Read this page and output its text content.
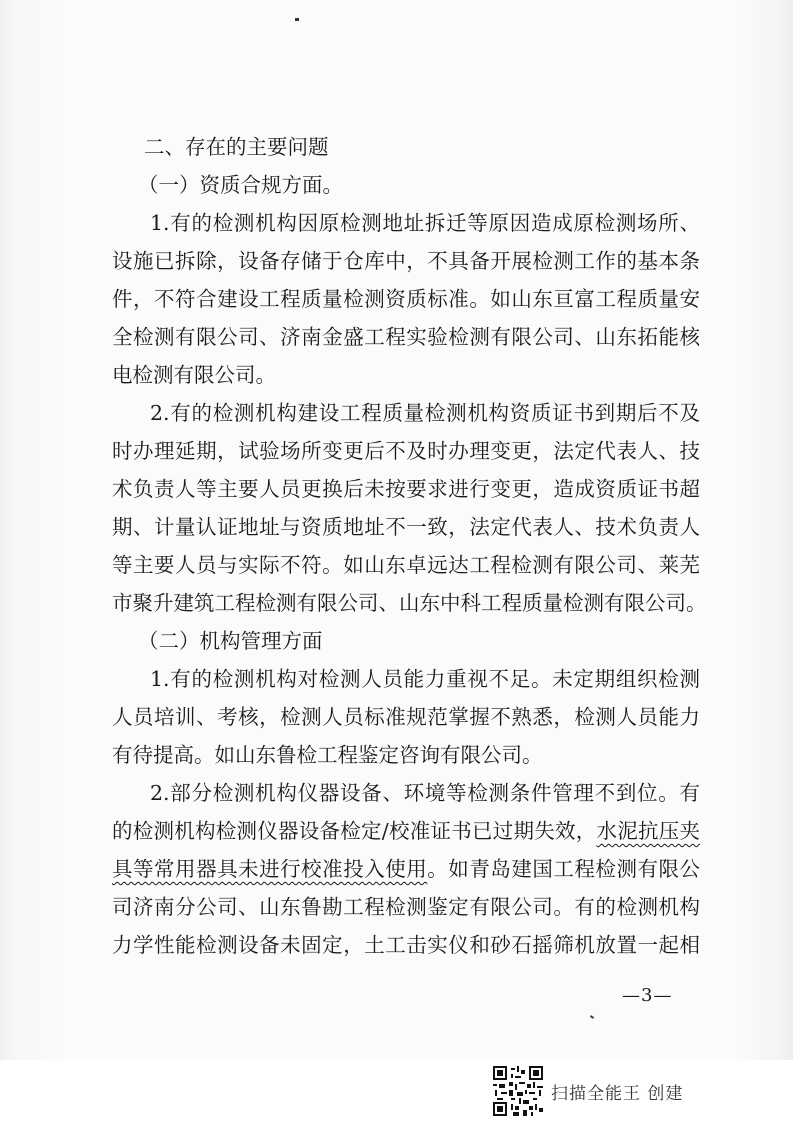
二、存在的主要问题
（一）资质合规方面。
1.有的检测机构因原检测地址拆迁等原因造成原检测场所、
设施已拆除，设备存储于仓库中，不具备开展检测工作的基本条
件，不符合建设工程质量检测资质标准。如山东亘富工程质量安
全检测有限公司、济南金盛工程实验检测有限公司、山东拓能核
电检测有限公司。
2.有的检测机构建设工程质量检测机构资质证书到期后不及
时办理延期，试验场所变更后不及时办理变更，法定代表人、技
术负责人等主要人员更换后未按要求进行变更，造成资质证书超
期、计量认证地址与资质地址不一致，法定代表人、技术负责人
等主要人员与实际不符。如山东卓远达工程检测有限公司、莱芜
市聚升建筑工程检测有限公司、山东中科工程质量检测有限公司。
（二）机构管理方面
1.有的检测机构对检测人员能力重视不足。未定期组织检测
人员培训、考核，检测人员标准规范掌握不熟悉，检测人员能力
有待提高。如山东鲁检工程鉴定咨询有限公司。
2.部分检测机构仪器设备、环境等检测条件管理不到位。有
的检测机构检测仪器设备检定/校准证书已过期失效，水泥抗压夹
具等常用器具未进行校准投入使用。如青岛建国工程检测有限公
司济南分公司、山东鲁勘工程检测鉴定有限公司。有的检测机构
力学性能检测设备未固定，土工击实仪和砂石摇筛机放置一起相
—3—
扫描全能王 创建
